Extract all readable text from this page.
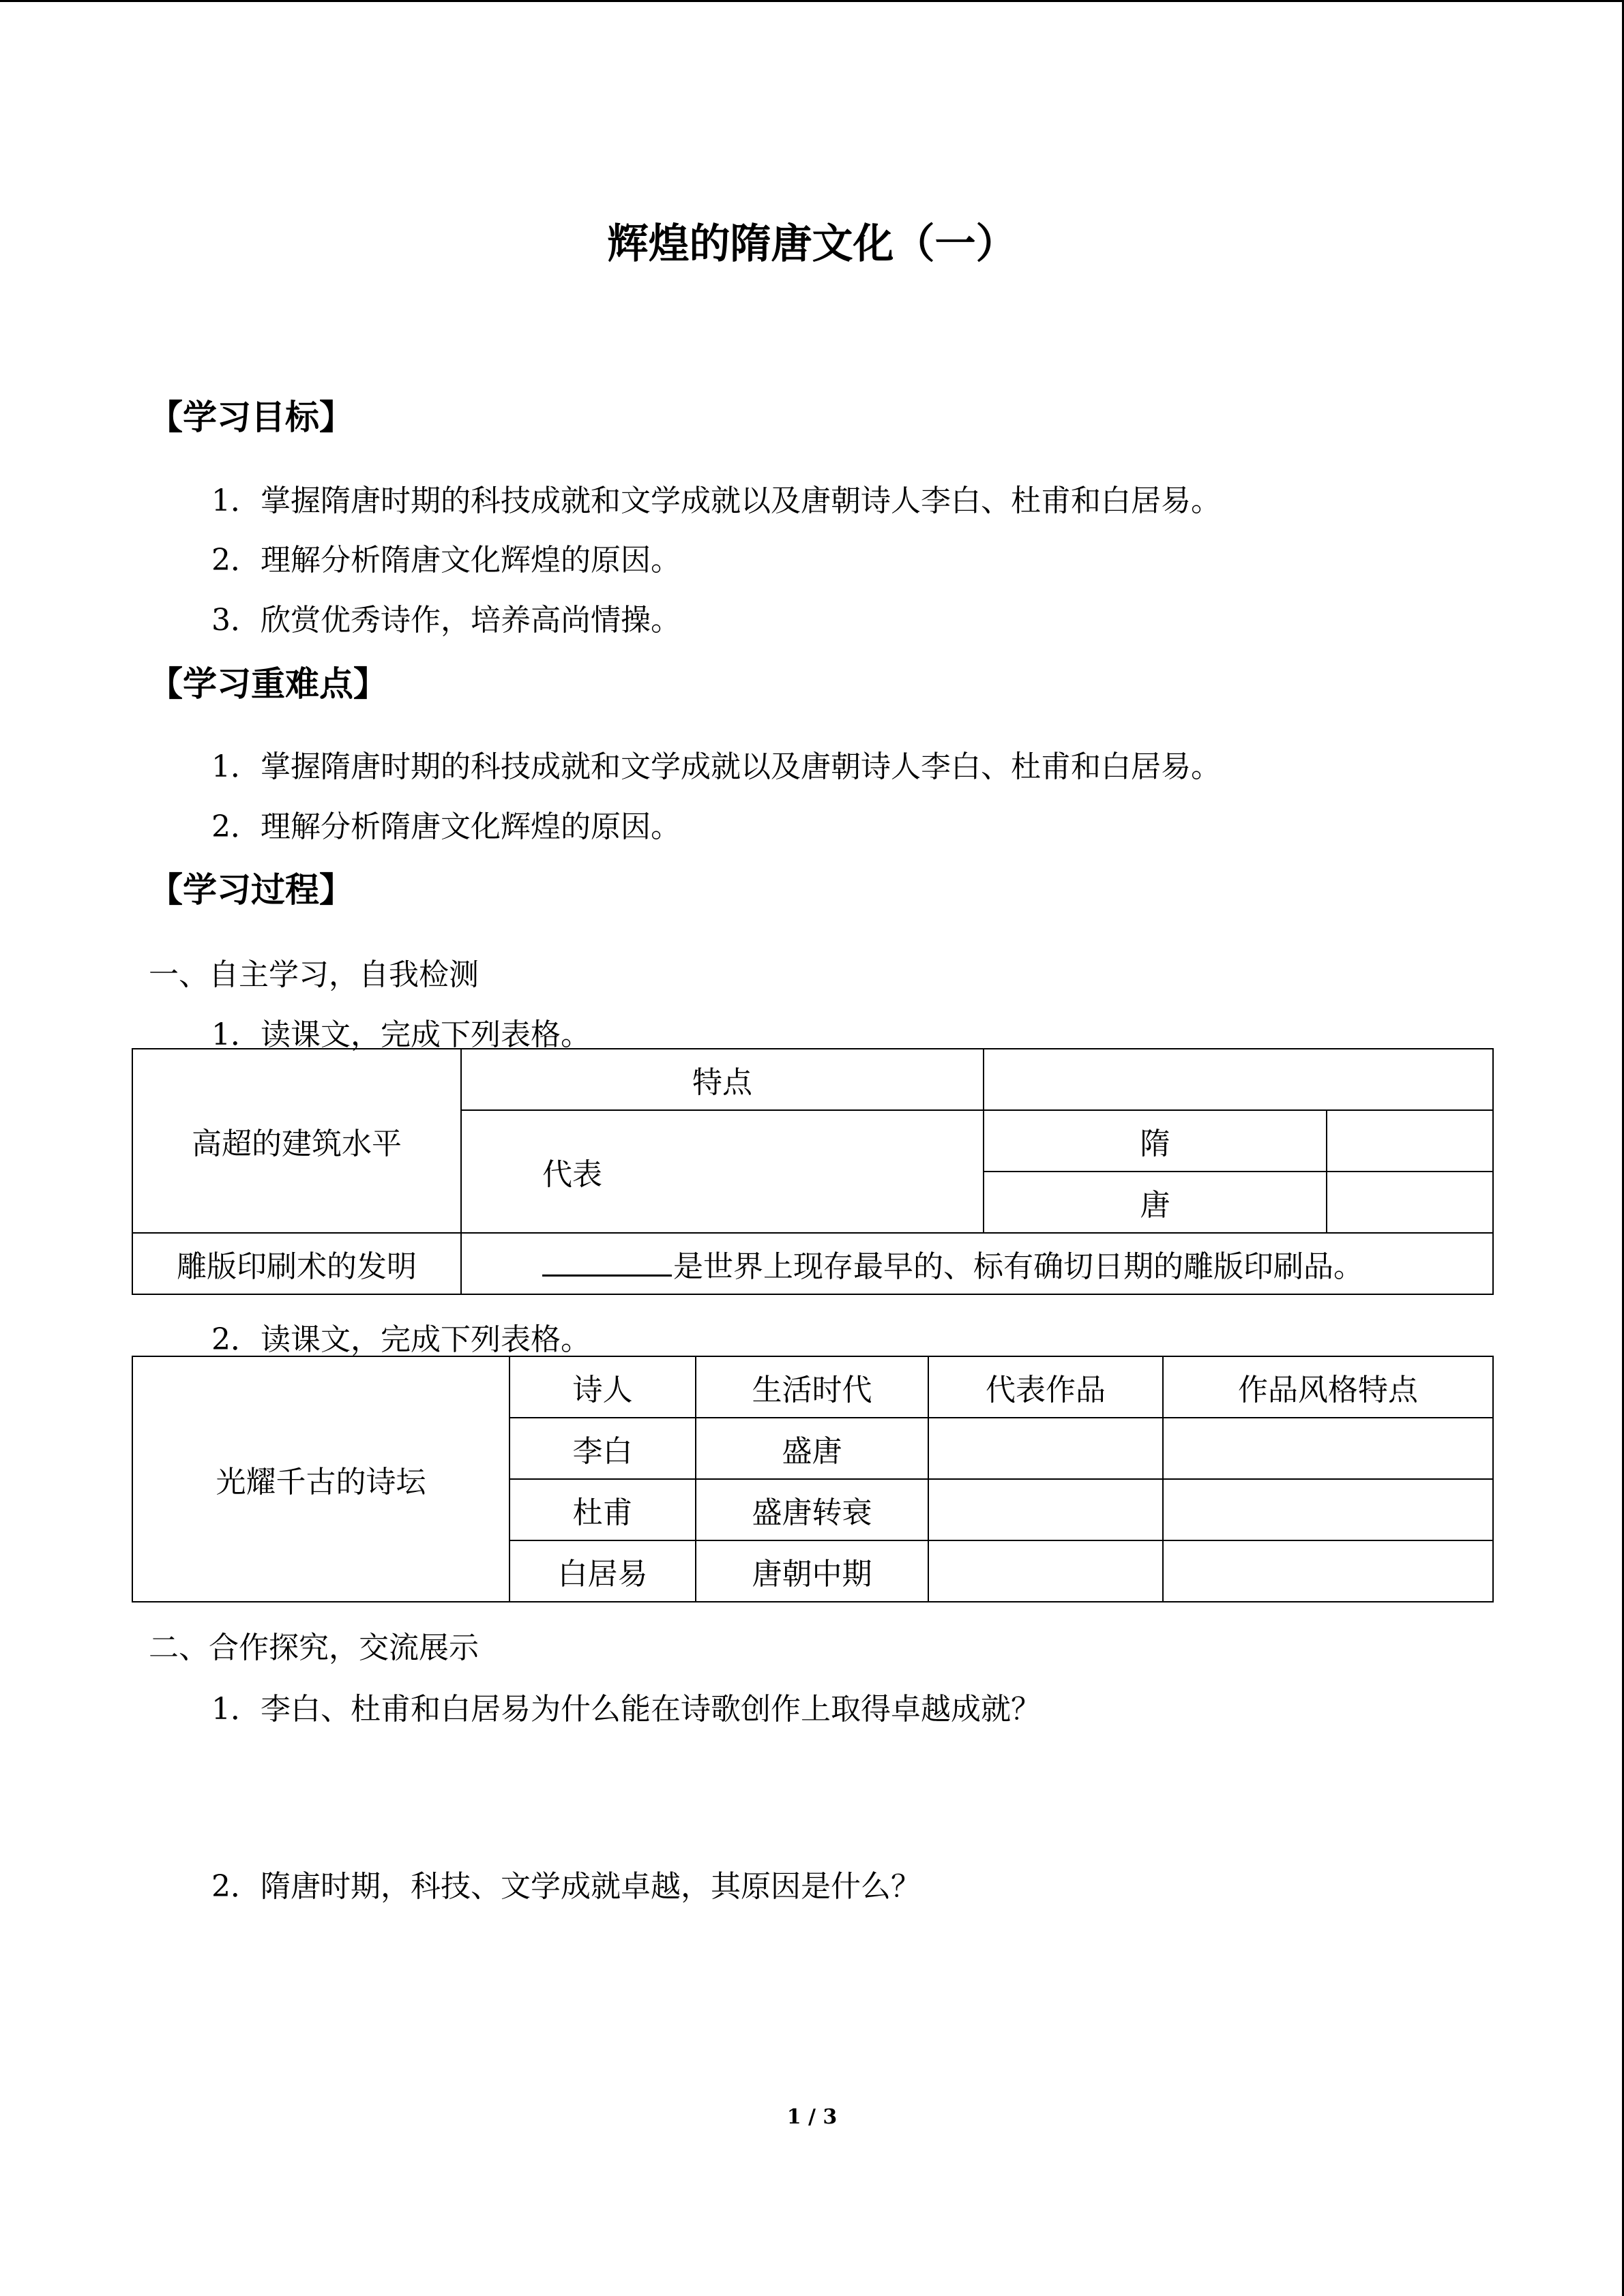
辉煌的隋唐文化（一）
【学习目标】
1．掌握隋唐时期的科技成就和文学成就以及唐朝诗人李白、杜甫和白居易。
2．理解分析隋唐文化辉煌的原因。
3．欣赏优秀诗作，培养高尚情操。
【学习重难点】
1．掌握隋唐时期的科技成就和文学成就以及唐朝诗人李白、杜甫和白居易。
2．理解分析隋唐文化辉煌的原因。
【学习过程】
一、自主学习，自我检测
1．读课文，完成下列表格。
高超的建筑水平	特点		
	代表	隋	
		唐	
雕版印刷术的发明	是世界上现存最早的、标有确切日期的雕版印刷品。		
2．读课文，完成下列表格。
光耀千古的诗坛	诗人	生活时代	代表作品	作品风格特点
	李白	盛唐		
	杜甫	盛唐转衰		
	白居易	唐朝中期		
二、合作探究，交流展示
1．李白、杜甫和白居易为什么能在诗歌创作上取得卓越成就？
2．隋唐时期，科技、文学成就卓越，其原因是什么？
1 / 3
